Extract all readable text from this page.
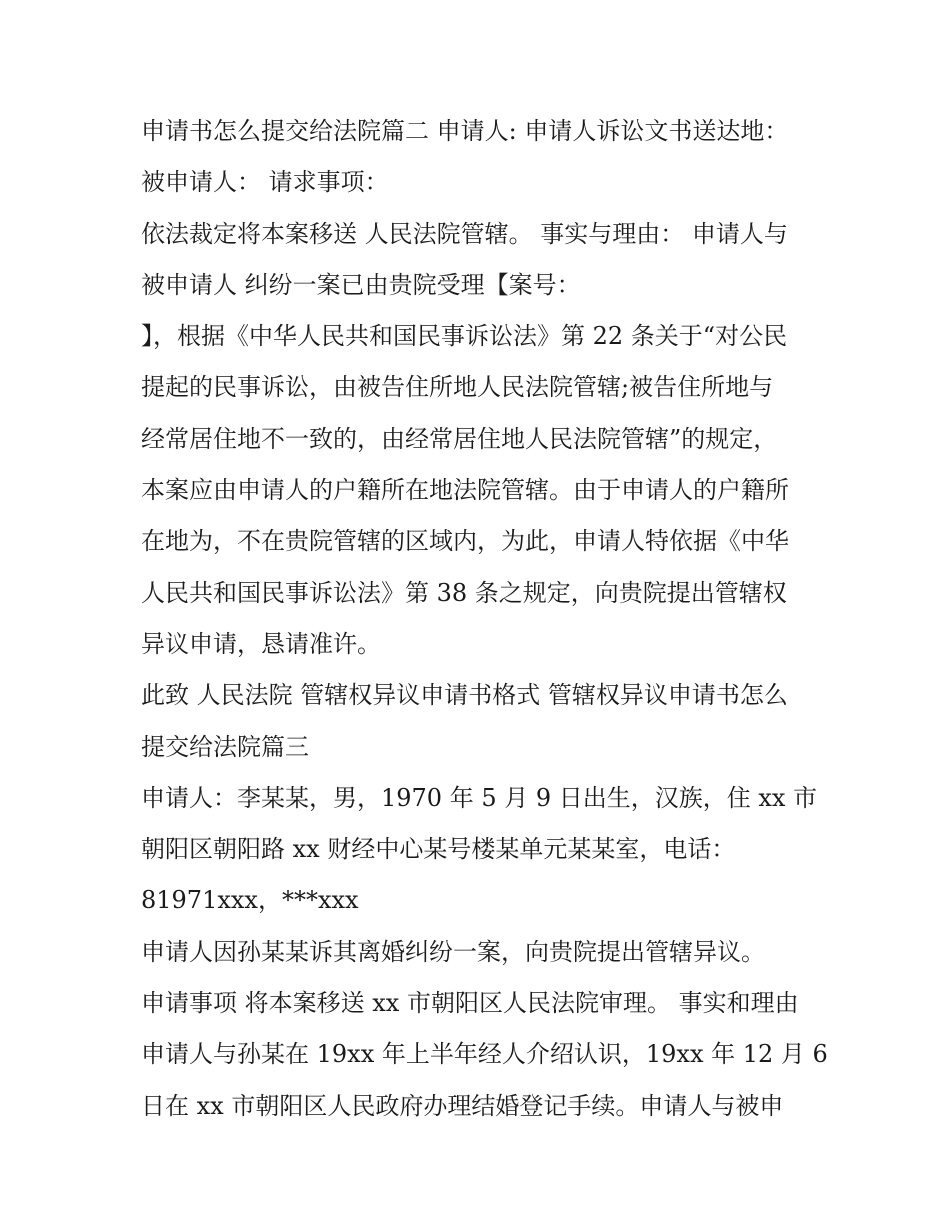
申请书怎么提交给法院篇二 申请人: 申请人诉讼文书送达地：
被申请人： 请求事项：
依法裁定将本案移送 人民法院管辖。 事实与理由： 申请人与
被申请人 纠纷一案已由贵院受理【案号：
】，根据《中华人民共和国民事诉讼法》第 22 条关于“对公民
提起的民事诉讼，由被告住所地人民法院管辖;被告住所地与
经常居住地不一致的，由经常居住地人民法院管辖”的规定，
本案应由申请人的户籍所在地法院管辖。由于申请人的户籍所
在地为，不在贵院管辖的区域内，为此，申请人特依据《中华
人民共和国民事诉讼法》第 38 条之规定，向贵院提出管辖权
异议申请，恳请准许。
此致 人民法院 管辖权异议申请书格式 管辖权异议申请书怎么
提交给法院篇三
申请人：李某某，男，1970 年 5 月 9 日出生，汉族，住 xx 市
朝阳区朝阳路 xx 财经中心某号楼某单元某某室，电话：
81971xxx，***xxx
申请人因孙某某诉其离婚纠纷一案，向贵院提出管辖异议。
申请事项 将本案移送 xx 市朝阳区人民法院审理。 事实和理由
申请人与孙某在 19xx 年上半年经人介绍认识，19xx 年 12 月 6
日在 xx 市朝阳区人民政府办理结婚登记手续。申请人与被申
